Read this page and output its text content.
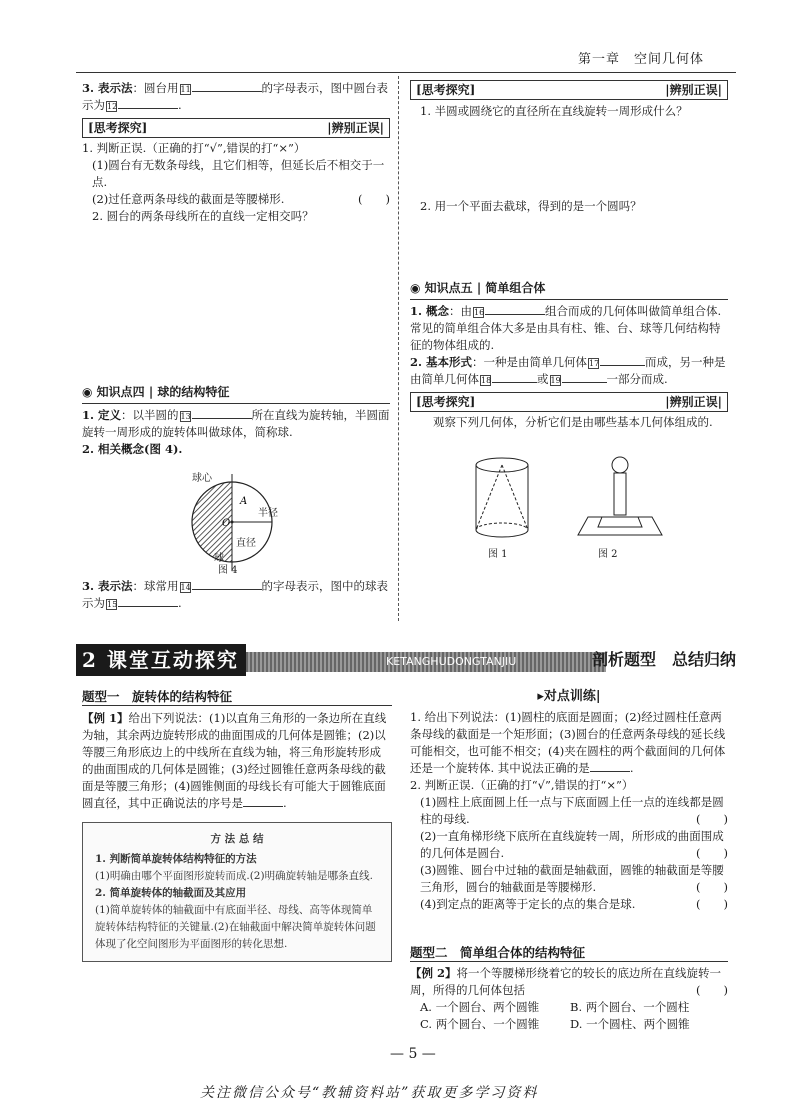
第一章　空间几何体
3. 表示法：圆台用 11	的字母表示，图中圆台表
示为 12	.
[思考探究]	|辨别正误|
1. 判断正误.（正确的打“√”,错误的打“×”）
(1)圆台有无数条母线，且它们相等，但延长后不相交于一点.
(2)过任意两条母线的截面是等腰梯形.	(　　)
2. 圆台的两条母线所在的直线一定相交吗？
◉ 知识点四 | 球的结构特征
1. 定义：以半圆的 13	所在直线为旋转轴，半圆面旋转一周形成的旋转体叫做球体，简称球.
2. 相关概念(图 4).
A
O
球心
半径
直径
球
图 4
3. 表示法：球常用 14	的字母表示，图中的球表
示为 15	.
[思考探究]	|辨别正误|
1. 半圆或圆绕它的直径所在直线旋转一周形成什么？
2. 用一个平面去截球，得到的是一个圆吗？
◉ 知识点五 | 简单组合体
1. 概念：由 16	组合而成的几何体叫做简单组合体. 常见的简单组合体大多是由具有柱、锥、台、球等几何结构特征的物体组成的.
2. 基本形式：一种是由简单几何体 17	而成，另一种是由简单几何体 18	或 19	一部分而成.
[思考探究]	|辨别正误|
观察下列几何体，分析它们是由哪些基本几何体组成的.
图 1	图 2
2 课堂互动探究	KETANGHUDONGTANJIU	剖析题型　总结归纳
题型一　旋转体的结构特征
【例 1】给出下列说法：(1)以直角三角形的一条边所在直线为轴，其余两边旋转形成的曲面围成的几何体是圆锥；(2)以等腰三角形底边上的中线所在直线为轴，将三角形旋转形成的曲面围成的几何体是圆锥；(3)经过圆锥任意两条母线的截面是等腰三角形；(4)圆锥侧面的母线长有可能大于圆锥底面圆直径，其中正确说法的序号是	.
方 法 总 结
1. 判断简单旋转体结构特征的方法
(1)明确由哪个平面图形旋转而成.(2)明确旋转轴是哪条直线.
2. 简单旋转体的轴截面及其应用
(1)简单旋转体的轴截面中有底面半径、母线、高等体现简单旋转体结构特征的关键量.(2)在轴截面中解决简单旋转体问题体现了化空间图形为平面图形的转化思想.
▸对点训练|
1. 给出下列说法：(1)圆柱的底面是圆面；(2)经过圆柱任意两条母线的截面是一个矩形面；(3)圆台的任意两条母线的延长线可能相交，也可能不相交；(4)夹在圆柱的两个截面间的几何体还是一个旋转体. 其中说法正确的是	.
2. 判断正误.（正确的打“√”,错误的打“×”）
(1)圆柱上底面圆上任一点与下底面圆上任一点的连线都是圆柱的母线.	(　　)
(2)一直角梯形绕下底所在直线旋转一周，所形成的曲面围成的几何体是圆台.	(　　)
(3)圆锥、圆台中过轴的截面是轴截面，圆锥的轴截面是等腰三角形，圆台的轴截面是等腰梯形.	(　　)
(4)到定点的距离等于定长的点的集合是球.	(　　)
题型二　简单组合体的结构特征
【例 2】将一个等腰梯形绕着它的较长的底边所在直线旋转一周，所得的几何体包括	(　　)
A. 一个圆台、两个圆锥	B. 两个圆台、一个圆柱
C. 两个圆台、一个圆锥	D. 一个圆柱、两个圆锥
— 5 —
关注微信公众号“教辅资料站”获取更多学习资料
